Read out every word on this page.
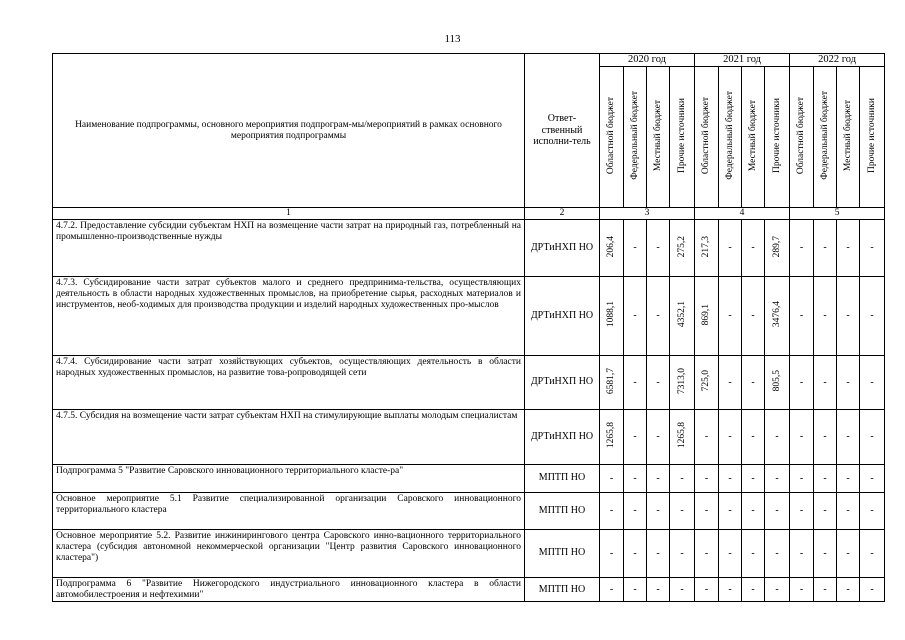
113
Наименование подпрограммы, основного мероприятия подпрограм-мы/мероприятий в рамках основного мероприятия подпрограммы	Ответ-ственный исполни-тель	2020 год				2021 год				2022 год			
		Областной бюджет	Федеральный бюджет	Местный бюджет	Прочие источники	Областной бюджет	Федеральный бюджет	Местный бюджет	Прочие источники	Областной бюджет	Федеральный бюджет	Местный бюджет	Прочие источники
1	2	3				4				5			
4.7.2. Предоставление субсидии субъектам НХП на возмещение части затрат на природный газ, потребленный на промышленно-производственные нужды	ДРТиНХП НО	206,4	-	-	275,2	217,3	-	-	289,7	-	-	-	-
4.7.3. Субсидирование части затрат субъектов малого и среднего предпринима-тельства, осуществляющих деятельность в области народных художественных промыслов, на приобретение сырья, расходных материалов и инструментов, необ-ходимых для производства продукции и изделий народных художественных про-мыслов	ДРТиНХП НО	1088,1	-	-	4352,1	869,1	-	-	3476,4	-	-	-	-
4.7.4. Субсидирование части затрат хозяйствующих субъектов, осуществляющих деятельность в области народных художественных промыслов, на развитие това-ропроводящей сети	ДРТиНХП НО	6581,7	-	-	7313,0	725,0	-	-	805,5	-	-	-	-
4.7.5. Субсидия на возмещение части затрат субъектам НХП на стимулирующие выплаты молодым специалистам	ДРТиНХП НО	1265,8	-	-	1265,8	-	-	-	-	-	-	-	-
Подпрограмма 5 "Развитие Саровского инновационного территориального класте-ра"	МПТП НО	-	-	-	-	-	-	-	-	-	-	-	-
Основное мероприятие 5.1 Развитие специализированной организации Саровского инновационного территориального кластера	МПТП НО	-	-	-	-	-	-	-	-	-	-	-	-
Основное мероприятие 5.2. Развитие инжинирингового центра Саровского инно-вационного территориального кластера (субсидия автономной некоммерческой организации "Центр развития Саровского инновационного кластера")	МПТП НО	-	-	-	-	-	-	-	-	-	-	-	-
Подпрограмма 6 "Развитие Нижегородского индустриального инновационного кластера в области автомобилестроения и нефтехимии"	МПТП НО	-	-	-	-	-	-	-	-	-	-	-	-
